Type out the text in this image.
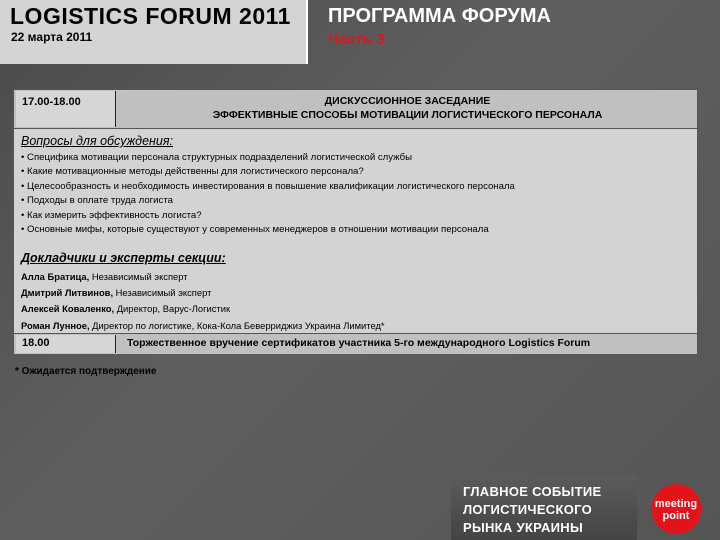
LOGISTICS FORUM 2011
22 марта 2011
ПРОГРАММА ФОРУМА
Часть 3
17.00-18.00	ДИСКУССИОННОЕ ЗАСЕДАНИЕ
ЭФФЕКТИВНЫЕ СПОСОБЫ МОТИВАЦИИ ЛОГИСТИЧЕСКОГО ПЕРСОНАЛА
Вопросы для обсуждения:
• Специфика мотивации персонала структурных подразделений логистической службы
• Какие мотивационные методы действенны для логистического персонала?
• Целесообразность и необходимость инвестирования в повышение квалификации логистического персонала
• Подходы в оплате труда логиста
• Как измерить эффективность логиста?
• Основные мифы, которые существуют у современных менеджеров в отношении мотивации персонала
Докладчики и эксперты секции:
Алла Братица, Независимый эксперт
Дмитрий Литвинов, Независимый эксперт
Алексей Коваленко, Директор, Варус-Логистик
Роман Лунное, Директор по логистике, Кока-Кола Беверриджиз Украина Лимитед*
18.00	Торжественное вручение сертификатов участника 5-го международного Logistics Forum
* Ожидается подтверждение
ГЛАВНОЕ СОБЫТИЕ
ЛОГИСТИЧЕСКОГО
РЫНКА УКРАИНЫ
meeting
point
